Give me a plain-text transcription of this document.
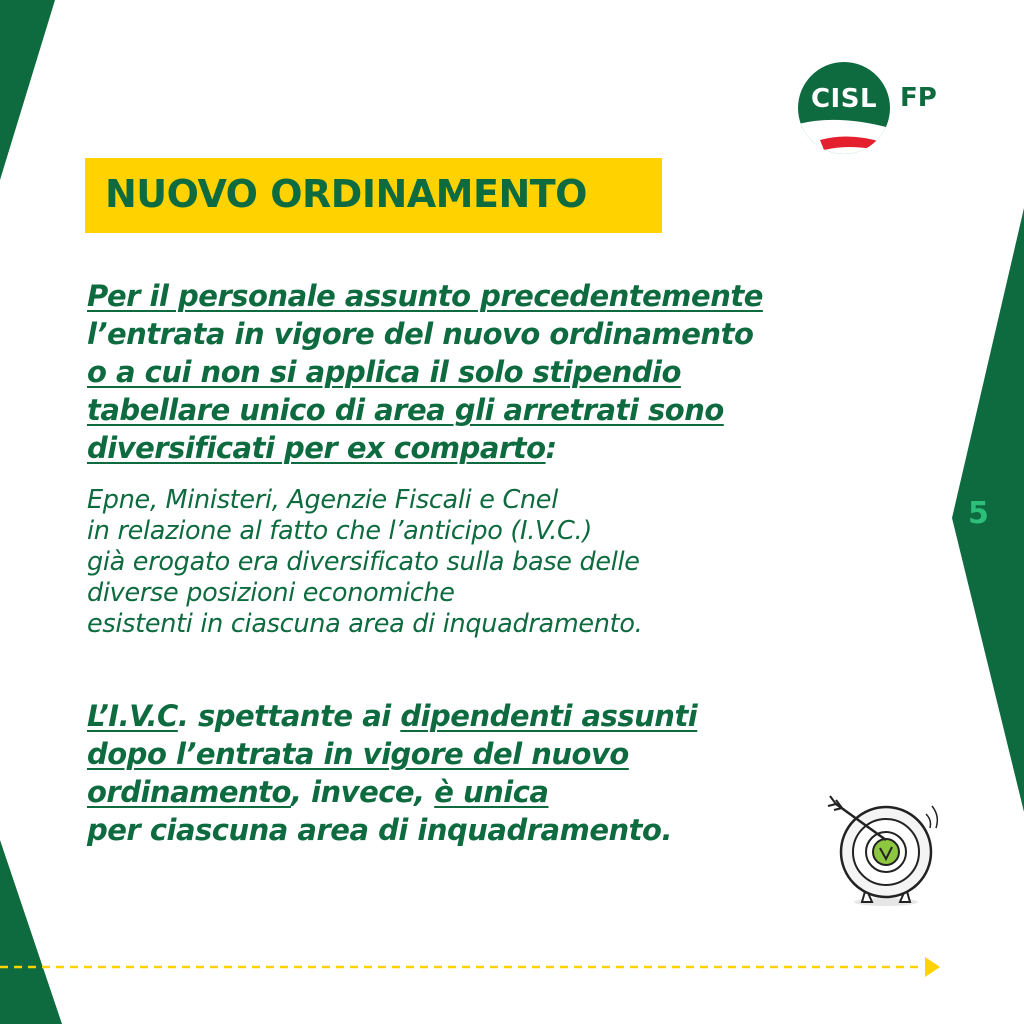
CISL FP
NUOVO ORDINAMENTO
Per il personale assunto precedentemente
l’entrata in vigore del nuovo ordinamento
o a cui non si applica il solo stipendio
tabellare unico di area gli arretrati sono
diversificati per ex comparto:
Epne, Ministeri, Agenzie Fiscali e Cnel
in relazione al fatto che l’anticipo (I.V.C.)
già erogato era diversificato sulla base delle
diverse posizioni economiche
esistenti in ciascuna area di inquadramento.
L’I.V.C. spettante ai dipendenti assunti
dopo l’entrata in vigore del nuovo
ordinamento, invece, è unica
per ciascuna area di inquadramento.
5
